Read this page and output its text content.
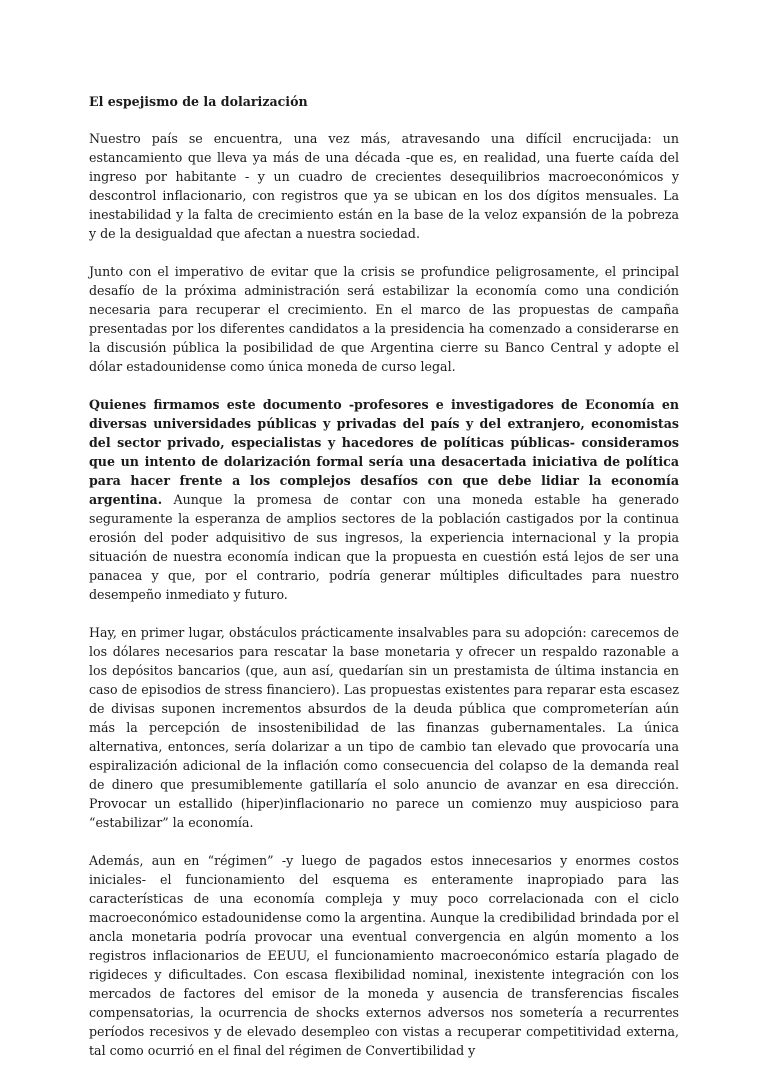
El espejismo de la dolarización

Nuestro país se encuentra, una vez más, atravesando una difícil encrucijada: un estancamiento que lleva ya más de una década -que es, en realidad, una fuerte caída del ingreso por habitante - y un cuadro de crecientes desequilibrios macroeconómicos y descontrol inflacionario, con registros que ya se ubican en los dos dígitos mensuales. La inestabilidad y la falta de crecimiento están en la base de la veloz expansión de la pobreza y de la desigualdad que afectan a nuestra sociedad.

Junto con el imperativo de evitar que la crisis se profundice peligrosamente, el principal desafío de la próxima administración será estabilizar la economía como una condición necesaria para recuperar el crecimiento. En el marco de las propuestas de campaña presentadas por los diferentes candidatos a la presidencia ha comenzado a considerarse en la discusión pública la posibilidad de que Argentina cierre su Banco Central y adopte el dólar estadounidense como única moneda de curso legal.

Quienes firmamos este documento -profesores e investigadores de Economía en diversas universidades públicas y privadas del país y del extranjero, economistas del sector privado, especialistas y hacedores de políticas públicas- consideramos que un intento de dolarización formal sería una desacertada iniciativa de política para hacer frente a los complejos desafíos con que debe lidiar la economía argentina. Aunque la promesa de contar con una moneda estable ha generado seguramente la esperanza de amplios sectores de la población castigados por la continua erosión del poder adquisitivo de sus ingresos, la experiencia internacional y la propia situación de nuestra economía indican que la propuesta en cuestión está lejos de ser una panacea y que, por el contrario, podría generar múltiples dificultades para nuestro desempeño inmediato y futuro.

Hay, en primer lugar, obstáculos prácticamente insalvables para su adopción: carecemos de los dólares necesarios para rescatar la base monetaria y ofrecer un respaldo razonable a los depósitos bancarios (que, aun así, quedarían sin un prestamista de última instancia en caso de episodios de stress financiero). Las propuestas existentes para reparar esta escasez de divisas suponen incrementos absurdos de la deuda pública que comprometerían aún más la percepción de insostenibilidad de las finanzas gubernamentales. La única alternativa, entonces, sería dolarizar a un tipo de cambio tan elevado que provocaría una espiralización adicional de la inflación como consecuencia del colapso de la demanda real de dinero que presumiblemente gatillaría el solo anuncio de avanzar en esa dirección. Provocar un estallido (hiper)inflacionario no parece un comienzo muy auspicioso para “estabilizar” la economía.

Además, aun en “régimen” -y luego de pagados estos innecesarios y enormes costos iniciales- el funcionamiento del esquema es enteramente inapropiado para las características de una economía compleja y muy poco correlacionada con el ciclo macroeconómico estadounidense como la argentina. Aunque la credibilidad brindada por el ancla monetaria podría provocar una eventual convergencia en algún momento a los registros inflacionarios de EEUU, el funcionamiento macroeconómico estaría plagado de rigideces y dificultades. Con escasa flexibilidad nominal, inexistente integración con los mercados de factores del emisor de la moneda y ausencia de transferencias fiscales compensatorias, la ocurrencia de shocks externos adversos nos sometería a recurrentes períodos recesivos y de elevado desempleo con vistas a recuperar competitividad externa, tal como ocurrió en el final del régimen de Convertibilidad y
